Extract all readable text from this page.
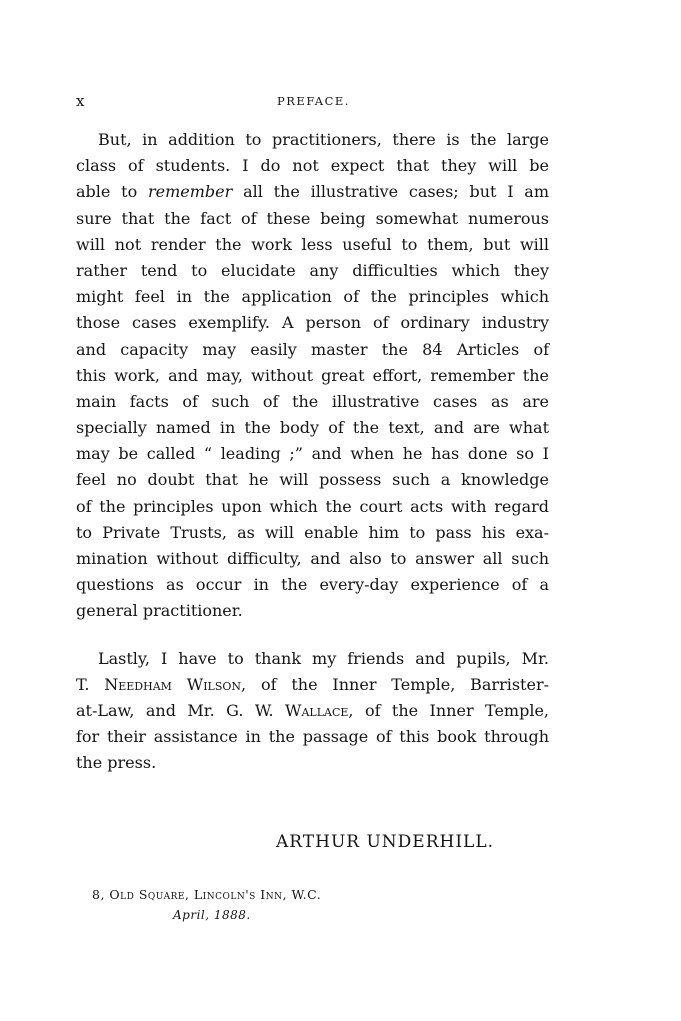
x	PREFACE.
But, in addition to practitioners, there is the large
class of students. I do not expect that they will be
able to remember all the illustrative cases; but I am
sure that the fact of these being somewhat numerous
will not render the work less useful to them, but will
rather tend to elucidate any difficulties which they
might feel in the application of the principles which
those cases exemplify. A person of ordinary industry
and capacity may easily master the 84 Articles of
this work, and may, without great effort, remember the
main facts of such of the illustrative cases as are
specially named in the body of the text, and are what
may be called “ leading ;” and when he has done so I
feel no doubt that he will possess such a knowledge
of the principles upon which the court acts with regard
to Private Trusts, as will enable him to pass his exa-
mination without difficulty, and also to answer all such
questions as occur in the every-day experience of a
general practitioner.
Lastly, I have to thank my friends and pupils, Mr.
T. Needham Wilson, of the Inner Temple, Barrister-
at-Law, and Mr. G. W. Wallace, of the Inner Temple,
for their assistance in the passage of this book through
the press.
ARTHUR UNDERHILL.
8, Old Square, Lincoln's Inn, W.C.
April, 1888.
